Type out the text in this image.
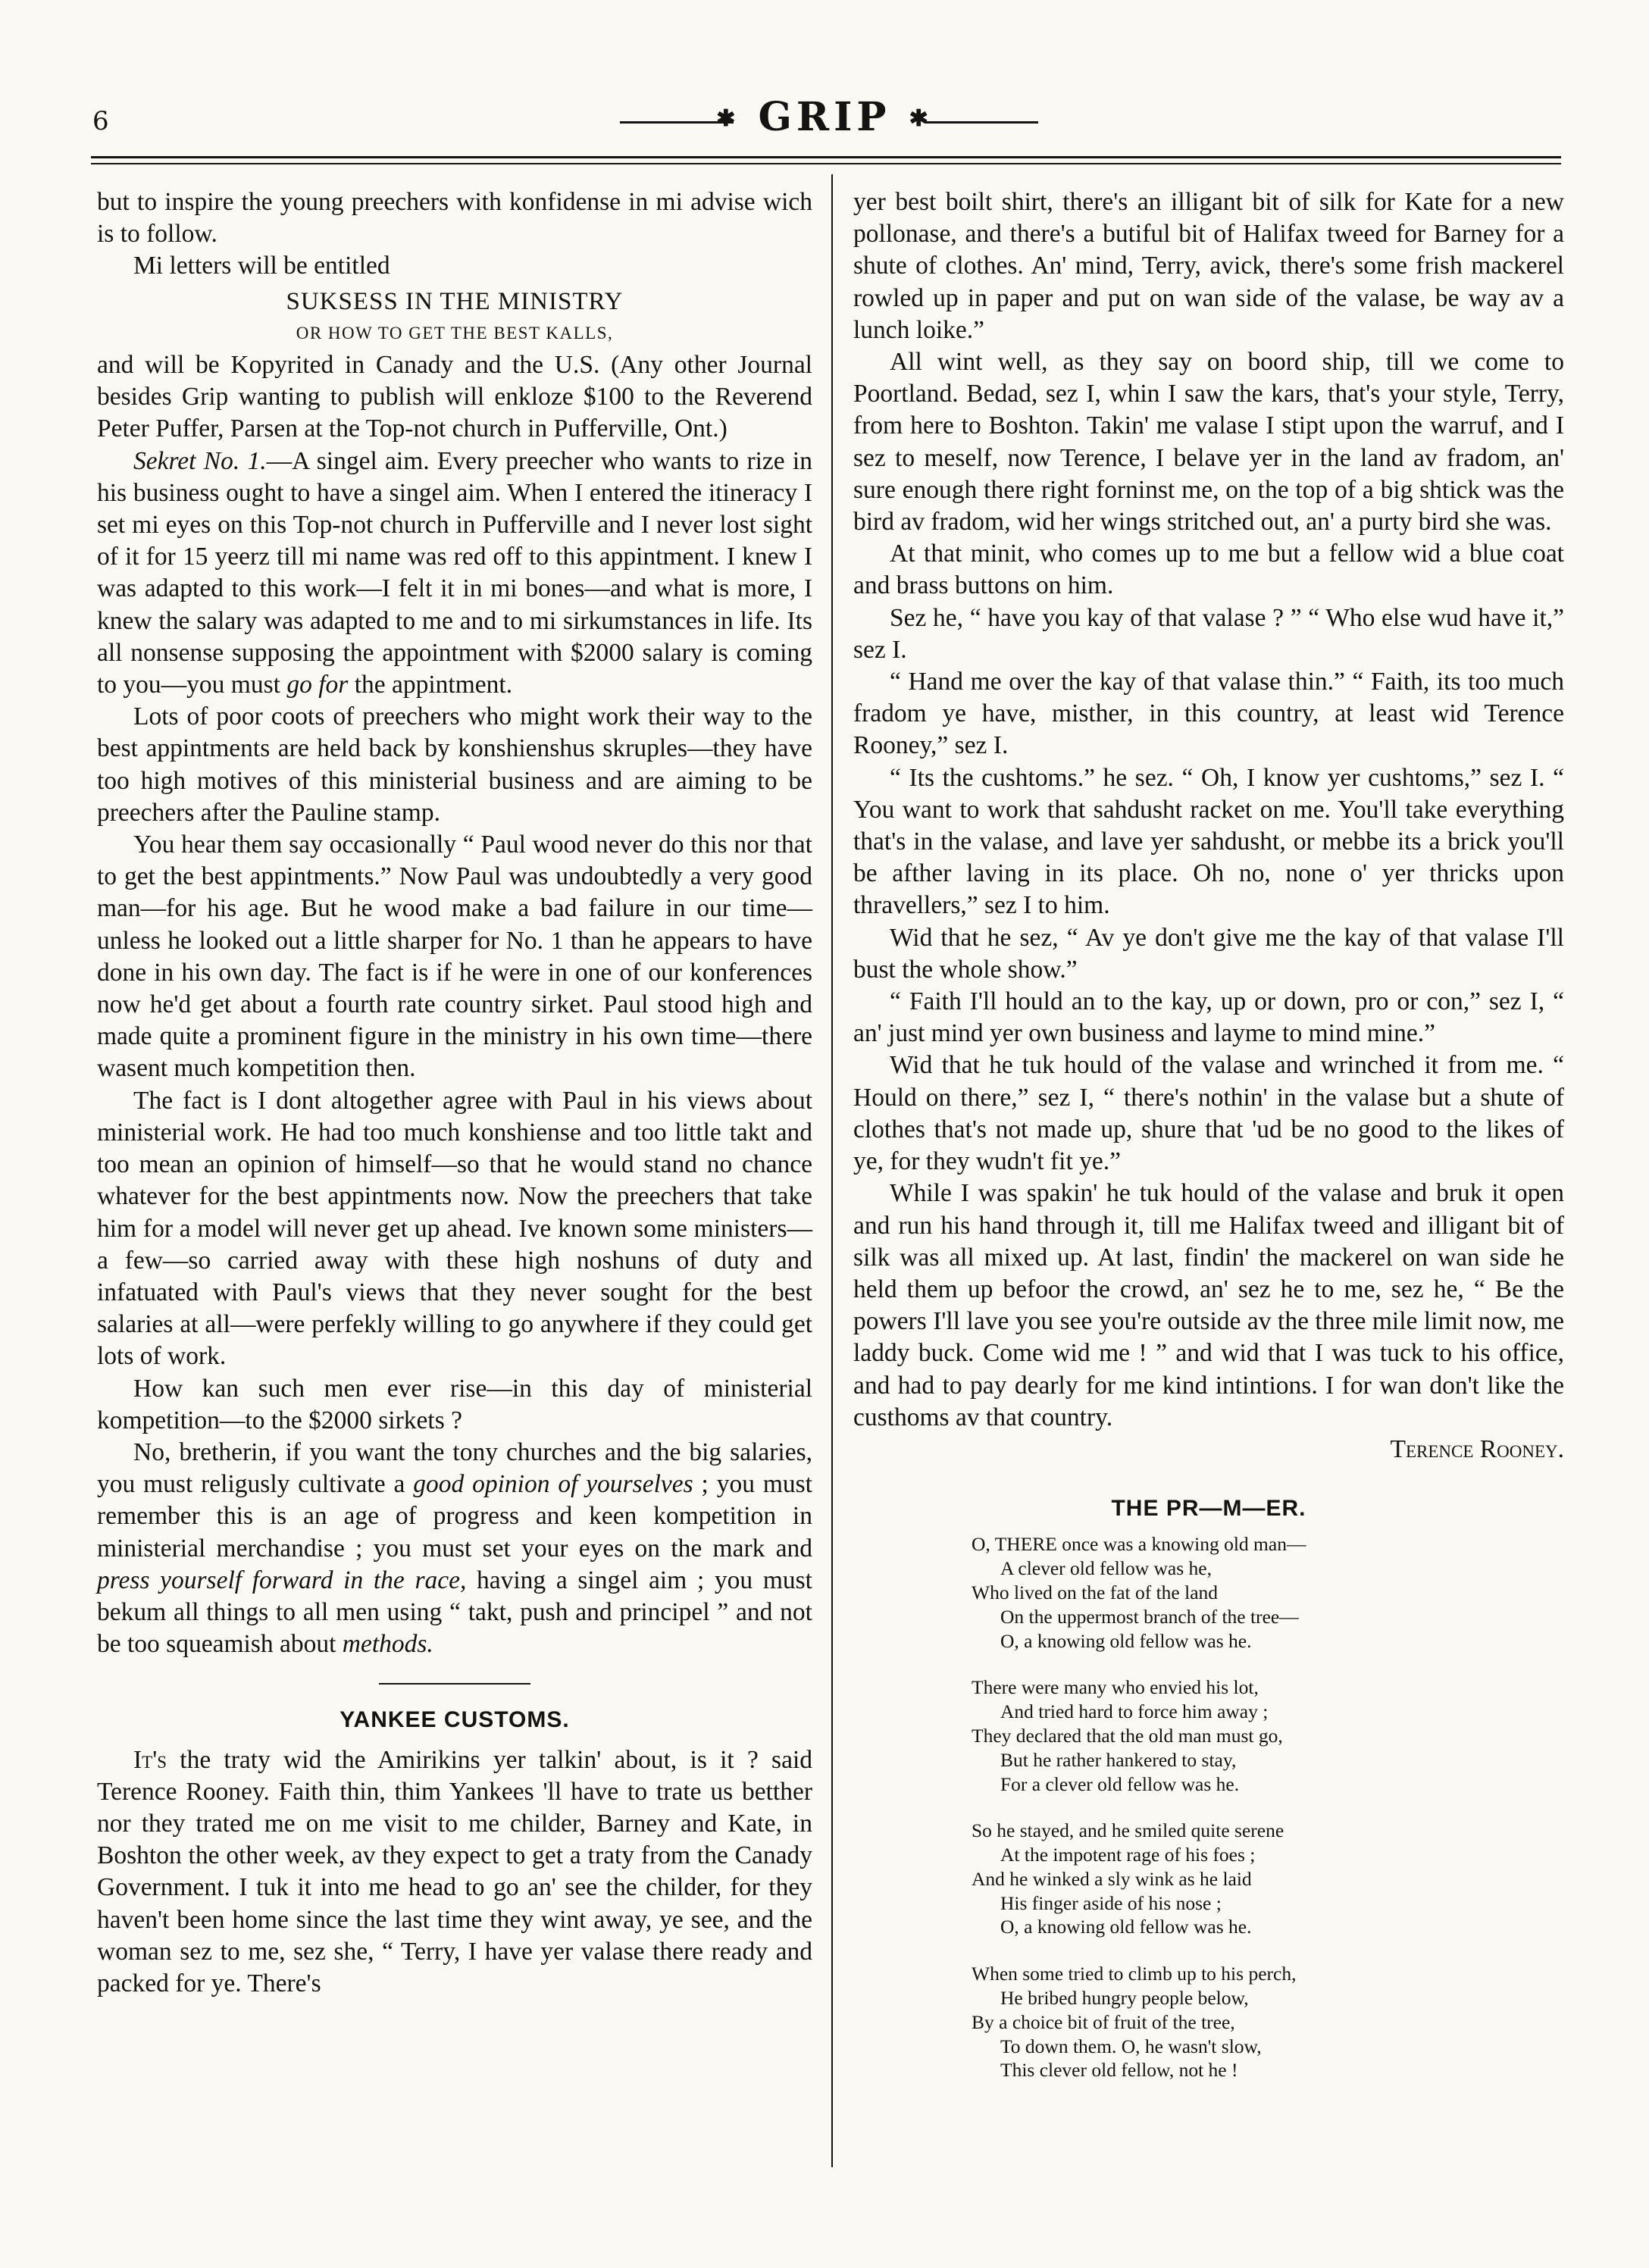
6	✱ GRIP ✱

but to inspire the young preechers with konfidense in mi advise wich is to follow.

Mi letters will be entitled

SUKSESS IN THE MINISTRY
OR HOW TO GET THE BEST KALLS,

and will be Kopyrited in Canady and the U.S. (Any other Journal besides Grip wanting to publish will enkloze $100 to the Reverend Peter Puffer, Parsen at the Top-not church in Pufferville, Ont.)

Sekret No. 1.—A singel aim. Every preecher who wants to rize in his business ought to have a singel aim. When I entered the itineracy I set mi eyes on this Top-not church in Pufferville and I never lost sight of it for 15 yeerz till mi name was red off to this appintment. I knew I was adapted to this work—I felt it in mi bones—and what is more, I knew the salary was adapted to me and to mi sirkumstances in life. Its all nonsense supposing the appointment with $2000 salary is coming to you—you must go for the appintment.

Lots of poor coots of preechers who might work their way to the best appintments are held back by konshienshus skruples—they have too high motives of this ministerial business and are aiming to be preechers after the Pauline stamp.

You hear them say occasionally “ Paul wood never do this nor that to get the best appintments.” Now Paul was undoubtedly a very good man—for his age. But he wood make a bad failure in our time—unless he looked out a little sharper for No. 1 than he appears to have done in his own day. The fact is if he were in one of our konferences now he'd get about a fourth rate country sirket. Paul stood high and made quite a prominent figure in the ministry in his own time—there wasent much kompetition then.

The fact is I dont altogether agree with Paul in his views about ministerial work. He had too much konshiense and too little takt and too mean an opinion of himself—so that he would stand no chance whatever for the best appintments now. Now the preechers that take him for a model will never get up ahead. Ive known some ministers—a few—so carried away with these high noshuns of duty and infatuated with Paul's views that they never sought for the best salaries at all—were perfekly willing to go anywhere if they could get lots of work.

How kan such men ever rise—in this day of ministerial kompetition—to the $2000 sirkets ?

No, bretherin, if you want the tony churches and the big salaries, you must religusly cultivate a good opinion of yourselves ; you must remember this is an age of progress and keen kompetition in ministerial merchandise ; you must set your eyes on the mark and press yourself forward in the race, having a singel aim ; you must bekum all things to all men using “ takt, push and principel ” and not be too squeamish about methods.

YANKEE CUSTOMS.

It's the traty wid the Amirikins yer talkin' about, is it ? said Terence Rooney. Faith thin, thim Yankees 'll have to trate us betther nor they trated me on me visit to me childer, Barney and Kate, in Boshton the other week, av they expect to get a traty from the Canady Government. I tuk it into me head to go an' see the childer, for they haven't been home since the last time they wint away, ye see, and the woman sez to me, sez she, “ Terry, I have yer valase there ready and packed for ye. There's

yer best boilt shirt, there's an illigant bit of silk for Kate for a new pollonase, and there's a butiful bit of Halifax tweed for Barney for a shute of clothes. An' mind, Terry, avick, there's some frish mackerel rowled up in paper and put on wan side of the valase, be way av a lunch loike.”

All wint well, as they say on boord ship, till we come to Poortland. Bedad, sez I, whin I saw the kars, that's your style, Terry, from here to Boshton. Takin' me valase I stipt upon the warruf, and I sez to meself, now Terence, I belave yer in the land av fradom, an' sure enough there right forninst me, on the top of a big shtick was the bird av fradom, wid her wings stritched out, an' a purty bird she was.

At that minit, who comes up to me but a fellow wid a blue coat and brass buttons on him.

Sez he, “ have you kay of that valase ? ” “ Who else wud have it,” sez I.

“ Hand me over the kay of that valase thin.” “ Faith, its too much fradom ye have, misther, in this country, at least wid Terence Rooney,” sez I.

“ Its the cushtoms.” he sez. “ Oh, I know yer cushtoms,” sez I. “ You want to work that sahdusht racket on me. You'll take everything that's in the valase, and lave yer sahdusht, or mebbe its a brick you'll be afther laving in its place. Oh no, none o' yer thricks upon thravellers,” sez I to him.

Wid that he sez, “ Av ye don't give me the kay of that valase I'll bust the whole show.”

“ Faith I'll hould an to the kay, up or down, pro or con,” sez I, “ an' just mind yer own business and layme to mind mine.”

Wid that he tuk hould of the valase and wrinched it from me. “ Hould on there,” sez I, “ there's nothin' in the valase but a shute of clothes that's not made up, shure that 'ud be no good to the likes of ye, for they wudn't fit ye.”

While I was spakin' he tuk hould of the valase and bruk it open and run his hand through it, till me Halifax tweed and illigant bit of silk was all mixed up. At last, findin' the mackerel on wan side he held them up befoor the crowd, an' sez he to me, sez he, “ Be the powers I'll lave you see you're outside av the three mile limit now, me laddy buck. Come wid me ! ” and wid that I was tuck to his office, and had to pay dearly for me kind intintions. I for wan don't like the custhoms av that country.

Terence Rooney.
THE PR—M—ER.
O, THERE once was a knowing old man—
A clever old fellow was he,
Who lived on the fat of the land
On the uppermost branch of the tree—
O, a knowing old fellow was he.
There were many who envied his lot,
And tried hard to force him away ;
They declared that the old man must go,
But he rather hankered to stay,
For a clever old fellow was he.
So he stayed, and he smiled quite serene
At the impotent rage of his foes ;
And he winked a sly wink as he laid
His finger aside of his nose ;
O, a knowing old fellow was he.
When some tried to climb up to his perch,
He bribed hungry people below,
By a choice bit of fruit of the tree,
To down them. O, he wasn't slow,
This clever old fellow, not he !
